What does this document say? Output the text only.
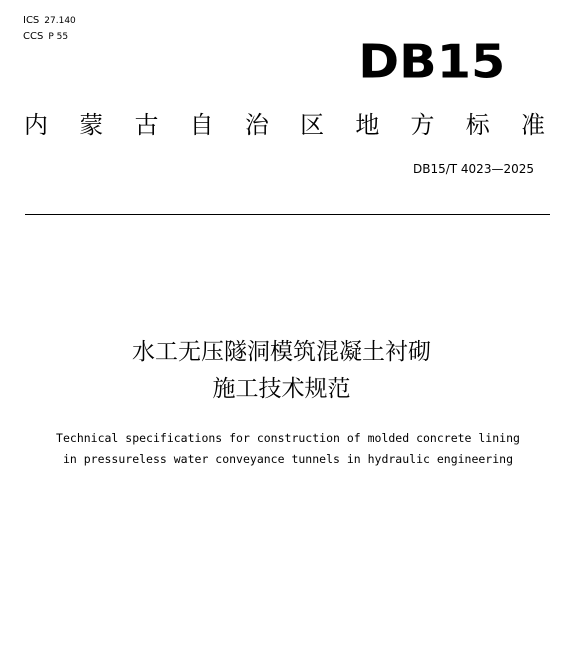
ICS 27.140
CCS P 55	DB15
内 蒙 古 自 治 区 地 方 标 准
DB15/T 4023—2025
水工无压隧洞模筑混凝土衬砌
施工技术规范
Technical specifications for construction of molded concrete lining
in pressureless water conveyance tunnels in hydraulic engineering
